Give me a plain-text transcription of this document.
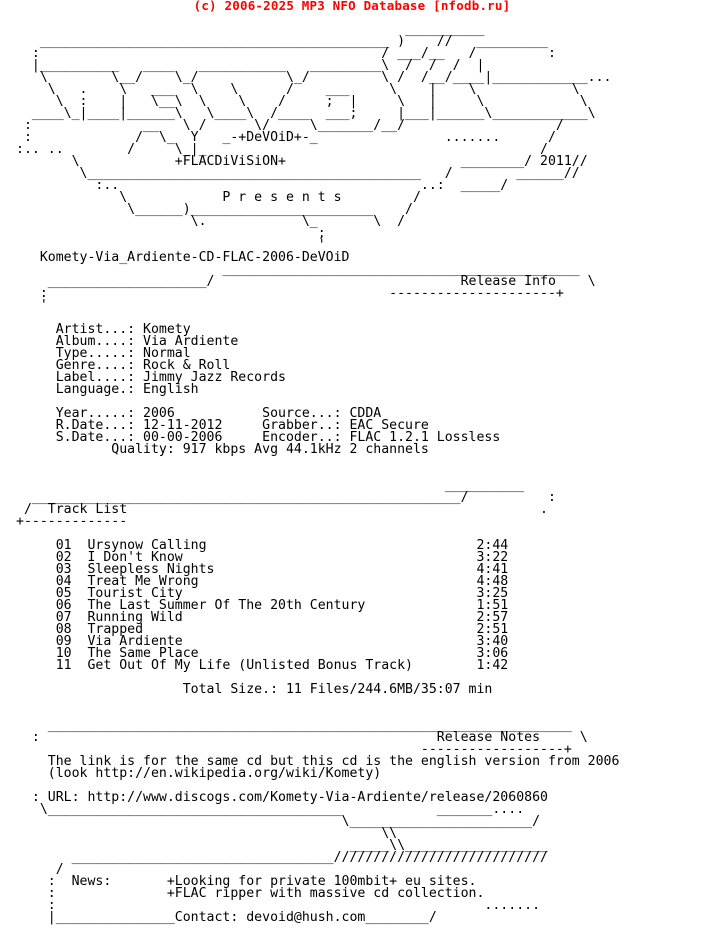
(c) 2006-2025 MP3 NFO Database [nfodb.ru]

__________
____________________________________________ )    //   _________
:                                           / ___/__   /         :
|__________   ____   ___________   _________\  /  /  /  |
\        \__/    \_/           \_/         \ /  /__/____|____________...
\   .    \   ___  \    \      /    ___     \    |    \            \
\  :    |   \__\  \    \    /     ;  |     \   |     \            \
____\_|____|______\   \____\  /____  ___;     |___|______\____________\
:              __   \ /      \/     \_______/__/                   /
:             /  \_  Y   _-+DeVOiD+-_                .......      /
:.. ..        /     \_|_                                          /
\            +FLACDiViSiON+                      ________/ 2011//
\__________________________________________   /        ______//
:..                                      ..:  _____/
\            P r e s e n t s         /
\______)_______________________    /
\.            \_       \  /
;
'
Komety-Via_Ardiente-CD-FLAC-2006-DeVOiD
_____________________________________________
____________________/                               Release Info    \
:                                           ---------------------+
'

Artist...: Komety
Album....: Via Ardiente
Type.....: Normal
Genre....: Rock & Roll
Label....: Jimmy Jazz Records
Language.: English

Year.....: 2006           Source...: CDDA
R.Date...: 12-11-2012     Grabber..: EAC Secure
S.Date...: 00-00-2006     Encoder..: FLAC 1.2.1 Lossless
Quality: 917 kbps Avg 44.1kHz 2 channels

__________
______________________________________________________/          :
/  Track List                                                    .
+-------------

01  Ursynow Calling                                  2:44
02  I Don't Know                                     3:22
03  Sleepless Nights                                 4:41
04  Treat Me Wrong                                   4:48
05  Tourist City                                     3:25
06  The Last Summer Of The 20th Century              1:51
07  Running Wild                                     2:57
08  Trapped                                          2:51
09  Via Ardiente                                     3:40
10  The Same Place                                   3:06
11  Get Out Of My Life (Unlisted Bonus Track)        1:42

Total Size.: 11 Files/244.6MB/35:07 min

__________________________________________________________________
:                                                  Release Notes     \
------------------+
The link is for the same cd but this cd is the english version from 2006
(look http://en.wikipedia.org/wiki/Komety)

: URL: http://www.discogs.com/Komety-Via-Ardiente/release/2060860
\_____________________________________            _______....
\_______________________/
\\
_____\\__________________
_________________________________///////////////////////////
/
:  News:       +Looking for private 100mbit+ eu sites.
:              +FLAC ripper with massive cd collection.
:                                                      .......
|_______________Contact: devoid@hush.com________/
